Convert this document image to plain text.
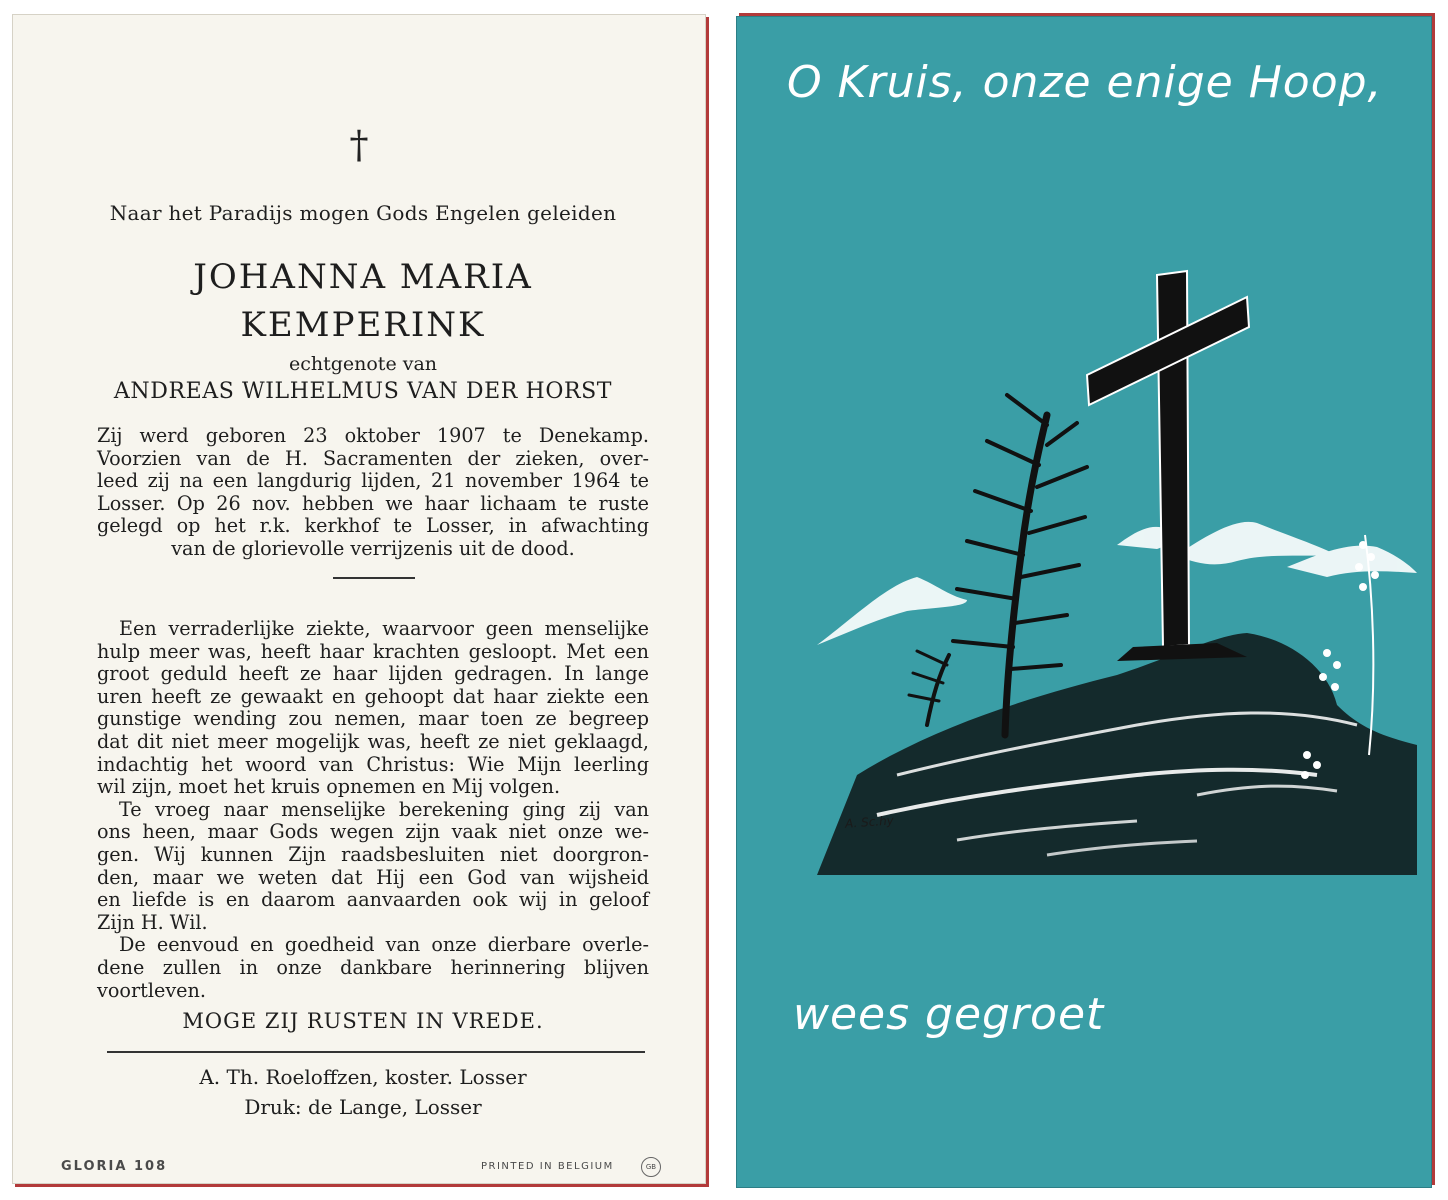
†
Naar het Paradijs mogen Gods Engelen geleiden
JOHANNA MARIA
KEMPERINK
echtgenote van
ANDREAS WILHELMUS VAN DER HORST
Zij werd geboren 23 oktober 1907 te Denekamp.
Voorzien van de H. Sacramenten der zieken, over-
leed zij na een langdurig lijden, 21 november 1964 te
Losser. Op 26 nov. hebben we haar lichaam te ruste
gelegd op het r.k. kerkhof te Losser, in afwachting
van de glorievolle verrijzenis uit de dood.
Een verraderlijke ziekte, waarvoor geen menselijke
hulp meer was, heeft haar krachten gesloopt. Met een
groot geduld heeft ze haar lijden gedragen. In lange
uren heeft ze gewaakt en gehoopt dat haar ziekte een
gunstige wending zou nemen, maar toen ze begreep
dat dit niet meer mogelijk was, heeft ze niet geklaagd,
indachtig het woord van Christus: Wie Mijn leerling
wil zijn, moet het kruis opnemen en Mij volgen.
Te vroeg naar menselijke berekening ging zij van
ons heen, maar Gods wegen zijn vaak niet onze we-
gen. Wij kunnen Zijn raadsbesluiten niet doorgron-
den, maar we weten dat Hij een God van wijsheid
en liefde is en daarom aanvaarden ook wij in geloof
Zijn H. Wil.
De eenvoud en goedheid van onze dierbare overle-
dene zullen in onze dankbare herinnering blijven
voortleven.
MOGE ZIJ RUSTEN IN VREDE.
A. Th. Roeloffzen, koster. Losser
Druk: de Lange, Losser
GLORIA 108	PRINTED IN BELGIUM	GB
O Kruis, onze enige Hoop,
A. Sc.hy
wees gegroet
